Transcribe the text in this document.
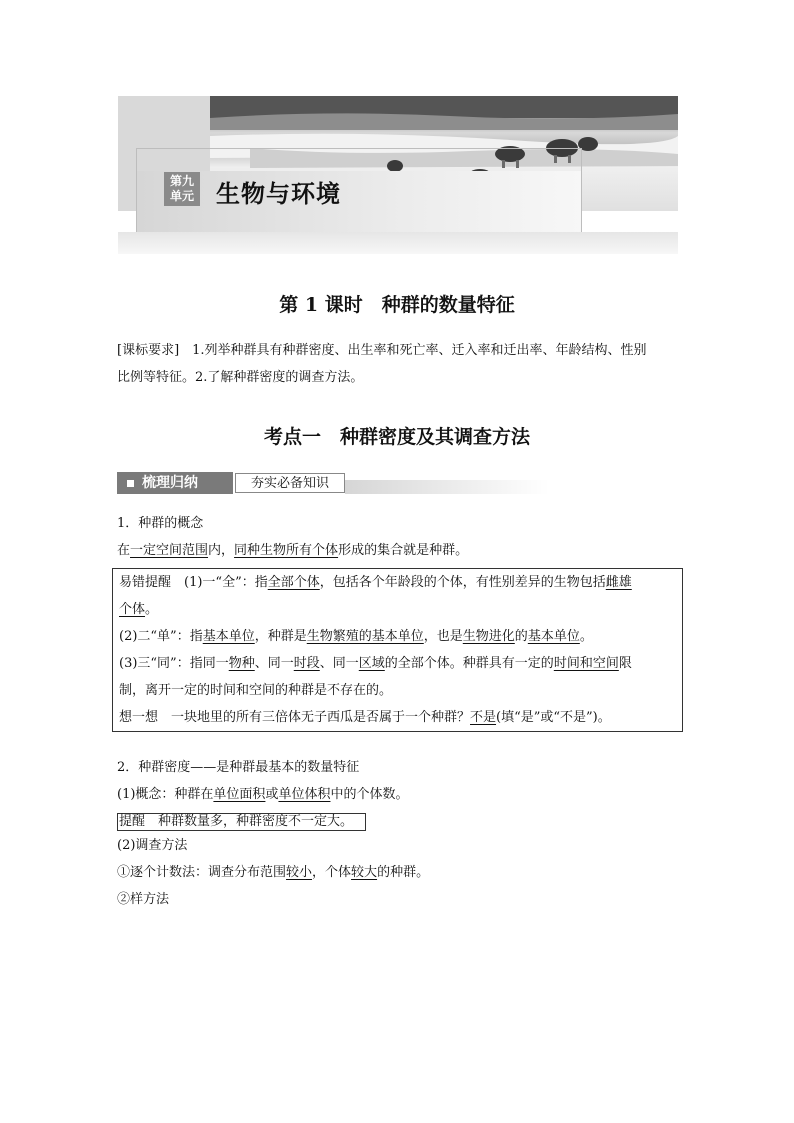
第九
单元 生物与环境
第 1 课时　种群的数量特征
[课标要求]　1.列举种群具有种群密度、出生率和死亡率、迁入率和迁出率、年龄结构、性别
比例等特征。2.了解种群密度的调查方法。
考点一　种群密度及其调查方法
梳理归纳	夯实必备知识
1．种群的概念
在一定空间范围内，同种生物所有个体形成的集合就是种群。
易错提醒　(1)一“全”：指全部个体，包括各个年龄段的个体，有性别差异的生物包括雌雄
个体。
(2)二“单”：指基本单位，种群是生物繁殖的基本单位，也是生物进化的基本单位。
(3)三“同”：指同一物种、同一时段、同一区域的全部个体。种群具有一定的时间和空间限
制，离开一定的时间和空间的种群是不存在的。
想一想　一块地里的所有三倍体无子西瓜是否属于一个种群？不是(填“是”或“不是”)。
2．种群密度——是种群最基本的数量特征
(1)概念：种群在单位面积或单位体积中的个体数。
提醒　种群数量多，种群密度不一定大。
(2)调查方法
①逐个计数法：调查分布范围较小，个体较大的种群。
②样方法
